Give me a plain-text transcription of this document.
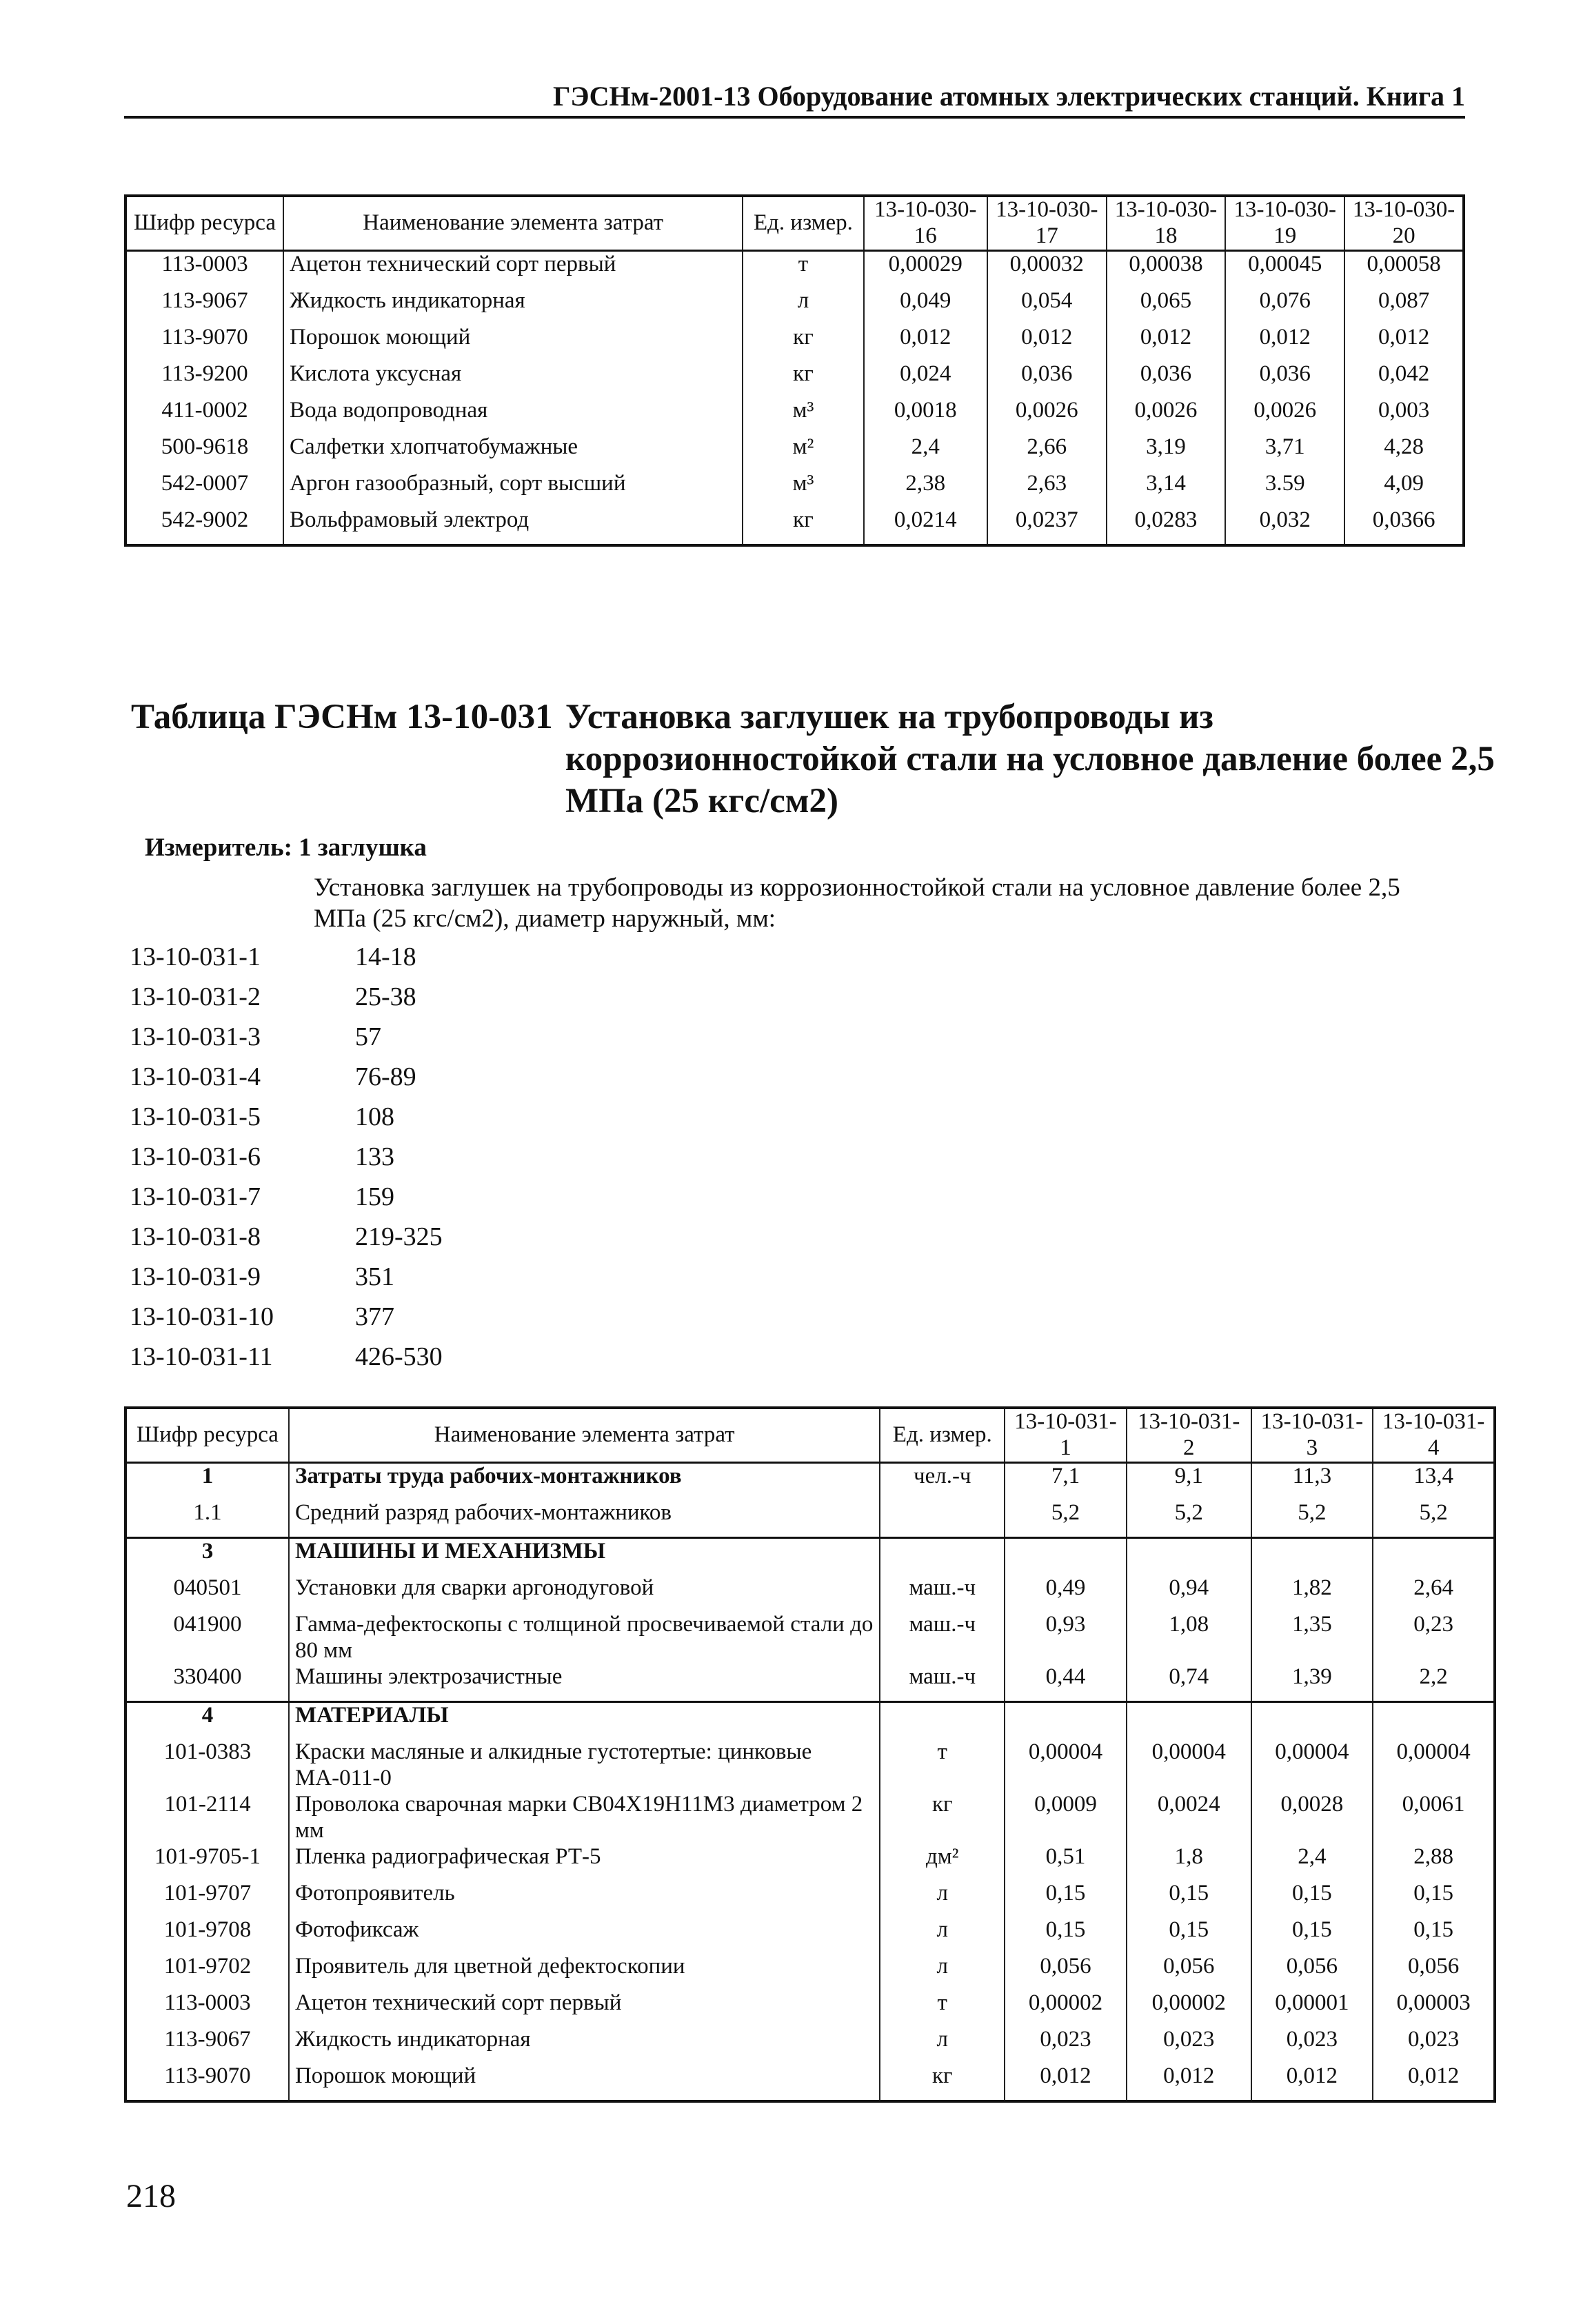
ГЭСНм-2001-13 Оборудование атомных электрических станций. Книга 1
Шифр ресурса	Наименование элемента затрат	Ед. измер.	13-10-030-16	13-10-030-17	13-10-030-18	13-10-030-19	13-10-030-20
113-0003	Ацетон технический сорт первый	т	0,00029	0,00032	0,00038	0,00045	0,00058
113-9067	Жидкость индикаторная	л	0,049	0,054	0,065	0,076	0,087
113-9070	Порошок моющий	кг	0,012	0,012	0,012	0,012	0,012
113-9200	Кислота уксусная	кг	0,024	0,036	0,036	0,036	0,042
411-0002	Вода водопроводная	м³	0,0018	0,0026	0,0026	0,0026	0,003
500-9618	Салфетки хлопчатобумажные	м²	2,4	2,66	3,19	3,71	4,28
542-0007	Аргон газообразный, сорт высший	м³	2,38	2,63	3,14	3.59	4,09
542-9002	Вольфрамовый электрод	кг	0,0214	0,0237	0,0283	0,032	0,0366
Таблица ГЭСНм 13-10-031 Установка заглушек на трубопроводы из коррозионностойкой стали на условное давление более 2,5 МПа (25 кгс/см2)
Измеритель: 1 заглушка
Установка заглушек на трубопроводы из коррозионностойкой стали на условное давление более 2,5 МПа (25 кгс/см2), диаметр наружный, мм:
13-10-031-1	14-18
13-10-031-2	25-38
13-10-031-3	57
13-10-031-4	76-89
13-10-031-5	108
13-10-031-6	133
13-10-031-7	159
13-10-031-8	219-325
13-10-031-9	351
13-10-031-10	377
13-10-031-11	426-530
Шифр ресурса	Наименование элемента затрат	Ед. измер.	13-10-031-1	13-10-031-2	13-10-031-3	13-10-031-4
1	Затраты труда рабочих-монтажников	чел.-ч	7,1	9,1	11,3	13,4
1.1	Средний разряд рабочих-монтажников		5,2	5,2	5,2	5,2
3	МАШИНЫ И МЕХАНИЗМЫ					
040501	Установки для сварки аргонодуговой	маш.-ч	0,49	0,94	1,82	2,64
041900	Гамма-дефектоскопы с толщиной просвечиваемой стали до 80 мм	маш.-ч	0,93	1,08	1,35	0,23
330400	Машины электрозачистные	маш.-ч	0,44	0,74	1,39	2,2
4	МАТЕРИАЛЫ					
101-0383	Краски масляные и алкидные густотертые: цинковые МА-011-0	т	0,00004	0,00004	0,00004	0,00004
101-2114	Проволока сварочная марки СВ04Х19Н11М3 диаметром 2 мм	кг	0,0009	0,0024	0,0028	0,0061
101-9705-1	Пленка радиографическая РТ-5	дм²	0,51	1,8	2,4	2,88
101-9707	Фотопроявитель	л	0,15	0,15	0,15	0,15
101-9708	Фотофиксаж	л	0,15	0,15	0,15	0,15
101-9702	Проявитель для цветной дефектоскопии	л	0,056	0,056	0,056	0,056
113-0003	Ацетон технический сорт первый	т	0,00002	0,00002	0,00001	0,00003
113-9067	Жидкость индикаторная	л	0,023	0,023	0,023	0,023
113-9070	Порошок моющий	кг	0,012	0,012	0,012	0,012
218
